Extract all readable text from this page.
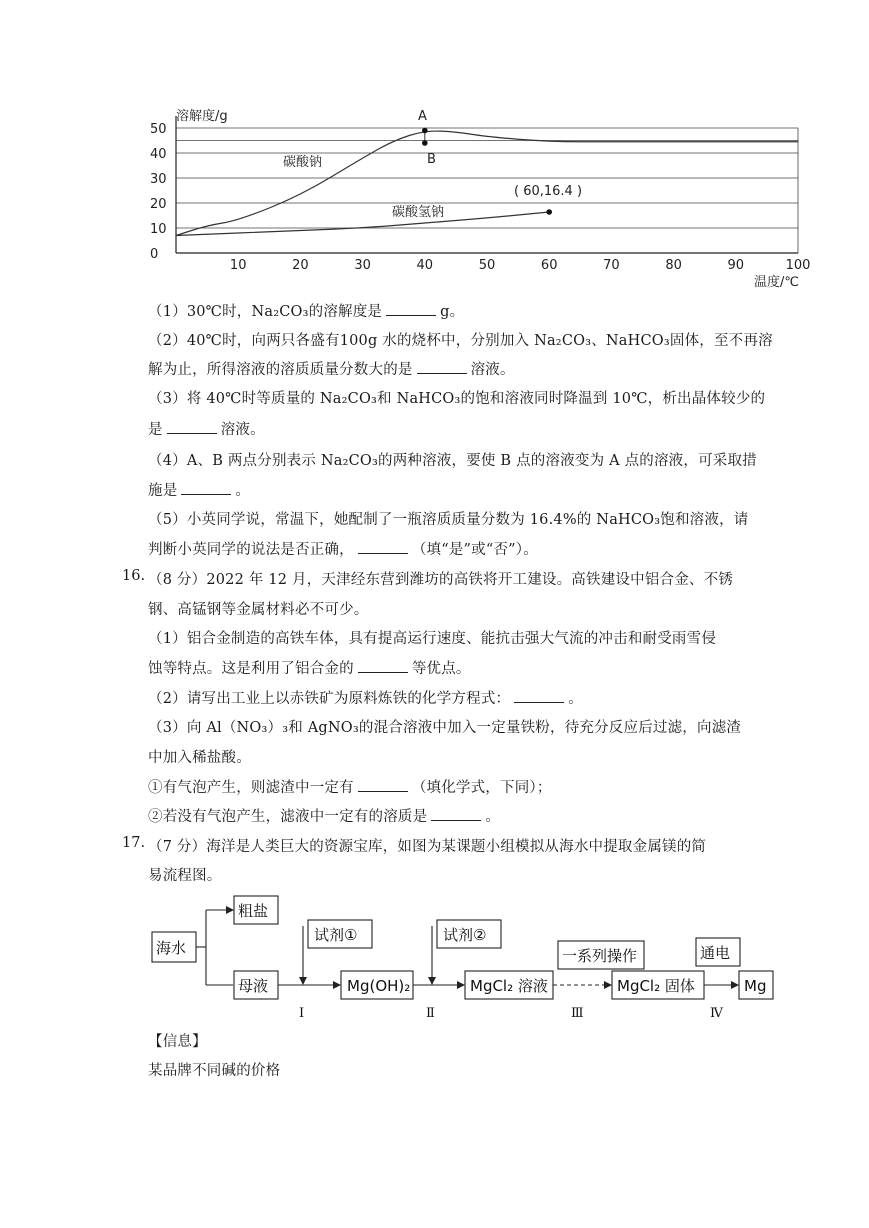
0
10
20
30
40
50
10	20	30	40	50	60	70	80	90	100
溶解度/g
温度/℃
碳酸钠
碳酸氢钠
A
B
( 60,16.4 )
（1）30℃时，Na₂CO₃的溶解度是	g。
（2）40℃时，向两只各盛有100g 水的烧杯中，分别加入 Na₂CO₃、NaHCO₃固体，至不再溶
解为止，所得溶液的溶质质量分数大的是	溶液。
（3）将 40℃时等质量的 Na₂CO₃和 NaHCO₃的饱和溶液同时降温到 10℃，析出晶体较少的
是	溶液。
（4）A、B 两点分别表示 Na₂CO₃的两种溶液，要使 B 点的溶液变为 A 点的溶液，可采取措
施是	。
（5）小英同学说，常温下，她配制了一瓶溶质质量分数为 16.4%的 NaHCO₃饱和溶液，请
判断小英同学的说法是否正确，	（填“是”或“否”）。
16. （8 分）2022 年 12 月，天津经东营到潍坊的高铁将开工建设。高铁建设中铝合金、不锈
钢、高锰钢等金属材料必不可少。
（1）铝合金制造的高铁车体，具有提高运行速度、能抗击强大气流的冲击和耐受雨雪侵
蚀等特点。这是利用了铝合金的	等优点。
（2）请写出工业上以赤铁矿为原料炼铁的化学方程式：	。
（3）向 Al（NO₃）₃和 AgNO₃的混合溶液中加入一定量铁粉，待充分反应后过滤，向滤渣
中加入稀盐酸。
①有气泡产生，则滤渣中一定有	（填化学式，下同）；
②若没有气泡产生，滤液中一定有的溶质是	。
17. （7 分）海洋是人类巨大的资源宝库，如图为某课题小组模拟从海水中提取金属镁的简
易流程图。
海水
粗盐
母液
试剂①
Mg(OH)₂
试剂②
MgCl₂ 溶液
一系列操作
MgCl₂ 固体
通电
Mg
I	Ⅱ	Ⅲ	Ⅳ
【信息】
某品牌不同碱的价格
